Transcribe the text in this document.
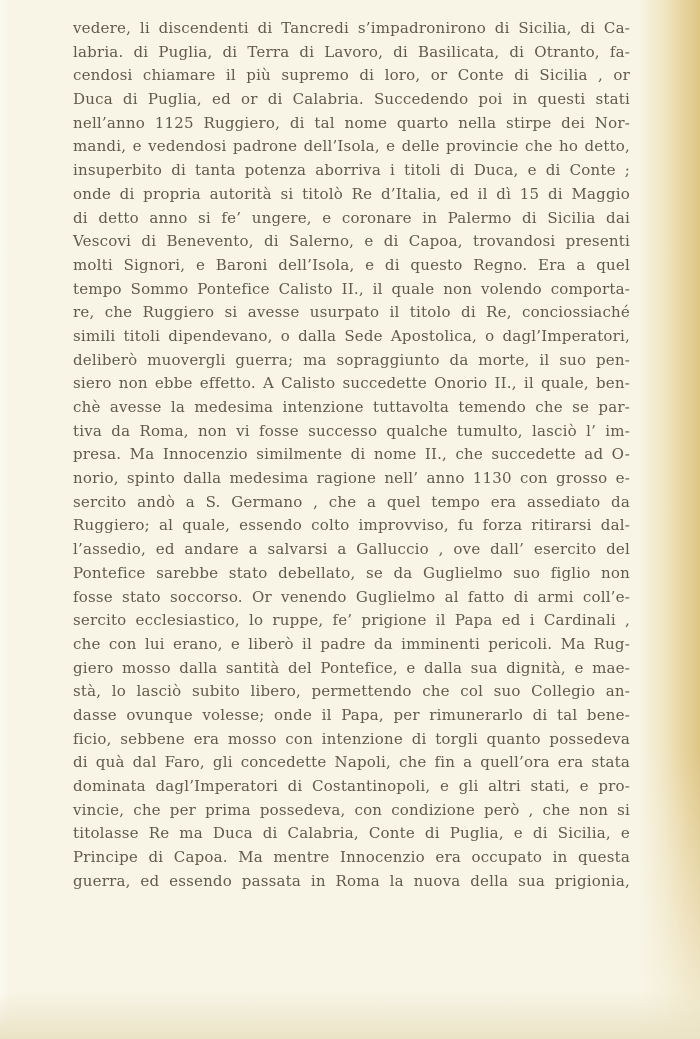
vedere, li discendenti di Tancredi s’impadronirono di Sicilia, di Ca-
labria. di Puglia, di Terra di Lavoro, di Basilicata, di Otranto, fa-
cendosi chiamare il più supremo di loro, or Conte di Sicilia , or
Duca di Puglia, ed or di Calabria. Succedendo poi in questi stati
nell’anno 1125 Ruggiero, di tal nome quarto nella stirpe dei Nor-
mandi, e vedendosi padrone dell’Isola, e delle provincie che ho detto,
insuperbito di tanta potenza aborriva i titoli di Duca, e di Conte ;
onde di propria autorità si titolò Re d’Italia, ed il dì 15 di Maggio
di detto anno si fe’ ungere, e coronare in Palermo di Sicilia dai
Vescovi di Benevento, di Salerno, e di Capoa, trovandosi presenti
molti Signori, e Baroni dell’Isola, e di questo Regno. Era a quel
tempo Sommo Pontefice Calisto II., il quale non volendo comporta-
re, che Ruggiero si avesse usurpato il titolo di Re, conciossiaché
simili titoli dipendevano, o dalla Sede Apostolica, o dagl’Imperatori,
deliberò muovergli guerra; ma sopraggiunto da morte, il suo pen-
siero non ebbe effetto. A Calisto succedette Onorio II., il quale, ben-
chè avesse la medesima intenzione tuttavolta temendo che se par-
tiva da Roma, non vi fosse successo qualche tumulto, lasciò l’ im-
presa. Ma Innocenzio similmente di nome II., che succedette ad O-
norio, spinto dalla medesima ragione nell’ anno 1130 con grosso e-
sercito andò a S. Germano , che a quel tempo era assediato da
Ruggiero; al quale, essendo colto improvviso, fu forza ritirarsi dal-
l’assedio, ed andare a salvarsi a Galluccio , ove dall’ esercito del
Pontefice sarebbe stato debellato, se da Guglielmo suo figlio non
fosse stato soccorso. Or venendo Guglielmo al fatto di armi coll’e-
sercito ecclesiastico, lo ruppe, fe’ prigione il Papa ed i Cardinali ,
che con lui erano, e liberò il padre da imminenti pericoli. Ma Rug-
giero mosso dalla santità del Pontefice, e dalla sua dignità, e mae-
stà, lo lasciò subito libero, permettendo che col suo Collegio an-
dasse ovunque volesse; onde il Papa, per rimunerarlo di tal bene-
ficio, sebbene era mosso con intenzione di torgli quanto possedeva
di quà dal Faro, gli concedette Napoli, che fin a quell’ora era stata
dominata dagl’Imperatori di Costantinopoli, e gli altri stati, e pro-
vincie, che per prima possedeva, con condizione però , che non si
titolasse Re ma Duca di Calabria, Conte di Puglia, e di Sicilia, e
Principe di Capoa. Ma mentre Innocenzio era occupato in questa
guerra, ed essendo passata in Roma la nuova della sua prigionia,
